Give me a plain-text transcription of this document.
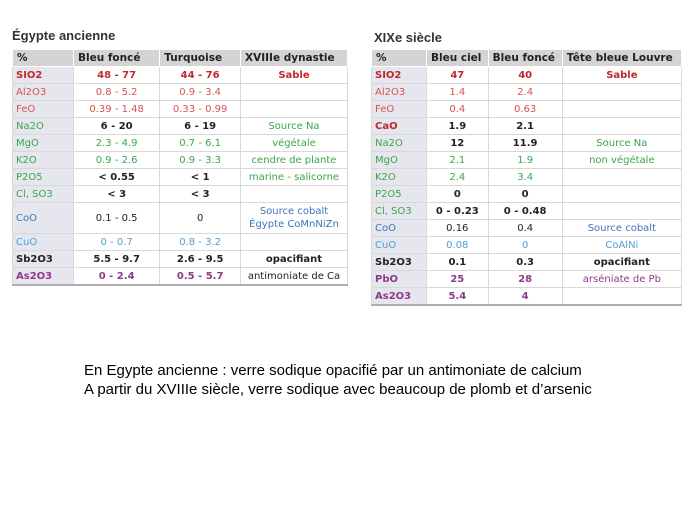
Égypte ancienne
%	Bleu foncé	Turquoise	XVIIIe dynastie
SIO2	48 - 77	44 - 76	Sable
Al2O3	0.8 - 5.2	0.9 - 3.4	
FeO	0.39 - 1.48	0.33 - 0.99	
Na2O	6 - 20	6 - 19	Source Na
MgO	2.3 - 4.9	0.7 - 6.1	végétale
K2O	0.9 - 2.6	0.9 - 3.3	cendre de plante
P2O5	< 0.55	< 1	marine - salicorne
Cl, SO3	< 3	< 3	
CoO	0.1 - 0.5	0	Source cobalt Égypte CoMnNiZn
CuO	0 - 0.7	0.8 - 3.2	
Sb2O3	5.5 - 9.7	2.6 - 9.5	opacifiant
As2O3	0 - 2.4	0.5 - 5.7	antimoniate de Ca
XIXe siècle
%	Bleu ciel	Bleu foncé	Tête bleue Louvre
SIO2	47	40	Sable
Al2O3	1.4	2.4	
FeO	0.4	0.63	
CaO	1.9	2.1	
Na2O	12	11.9	Source Na
MgO	2.1	1.9	non végétale
K2O	2.4	3.4	
P2O5	0	0	
Cl, SO3	0 - 0.23	0 - 0.48	
CoO	0.16	0.4	Source cobalt
CuO	0.08	0	CoAlNi
Sb2O3	0.1	0.3	opacifiant
PbO	25	28	arséniate de Pb
As2O3	5.4	4	
En Egypte ancienne : verre sodique opacifié par un antimoniate de calcium
A partir du XVIIIe siècle, verre sodique avec beaucoup de plomb et d’arsenic
